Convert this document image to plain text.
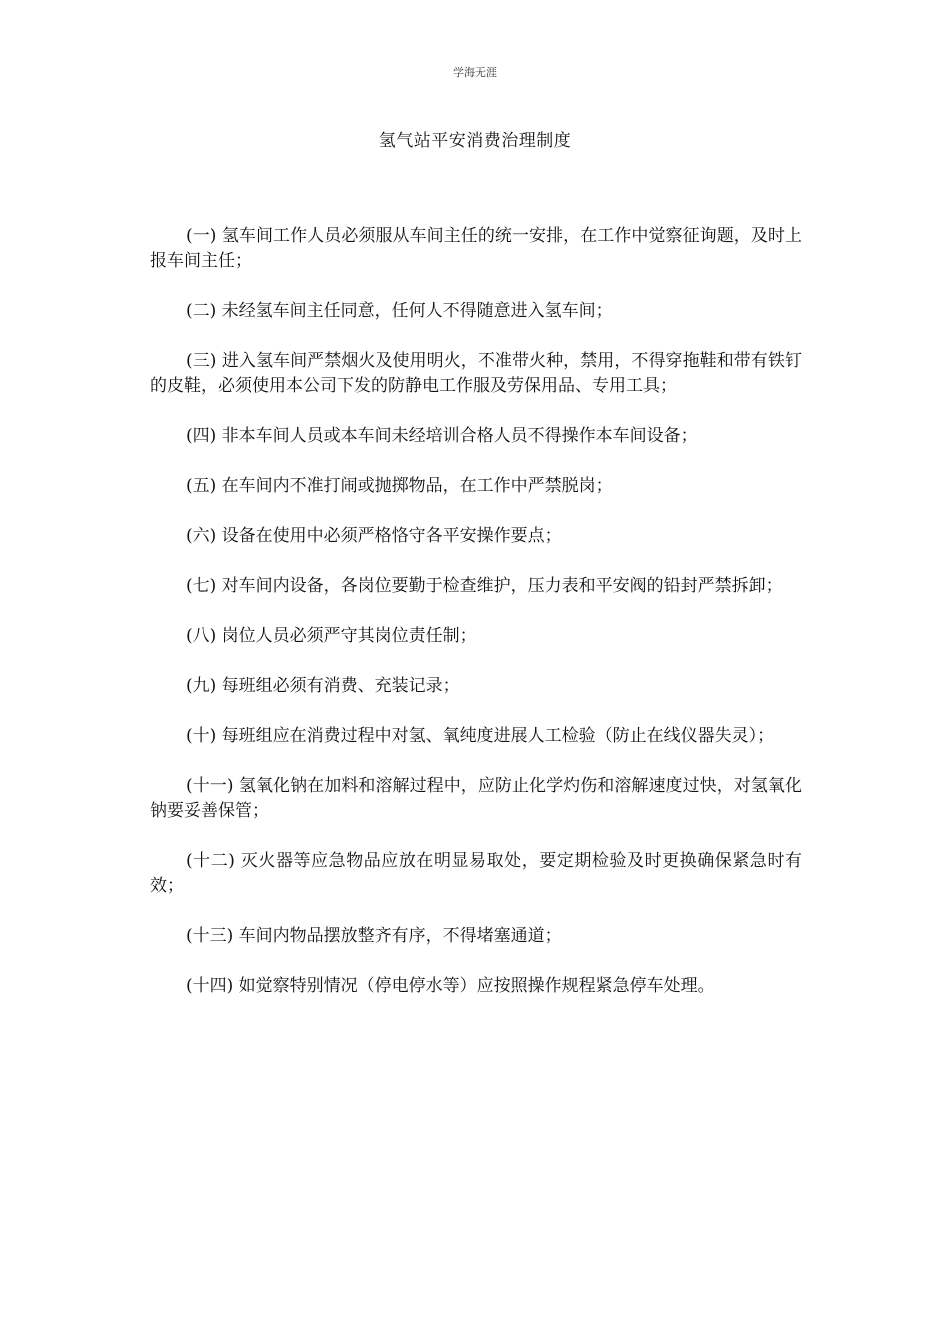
学海无涯
氢气站平安消费治理制度

(一) 氢车间工作人员必须服从车间主任的统一安排，在工作中觉察征询题，及时上报车间主任；

(二) 未经氢车间主任同意，任何人不得随意进入氢车间；

(三) 进入氢车间严禁烟火及使用明火，不准带火种，禁用，不得穿拖鞋和带有铁钉的皮鞋，必须使用本公司下发的防静电工作服及劳保用品、专用工具；

(四) 非本车间人员或本车间未经培训合格人员不得操作本车间设备；

(五) 在车间内不准打闹或抛掷物品，在工作中严禁脱岗；

(六) 设备在使用中必须严格恪守各平安操作要点；

(七) 对车间内设备，各岗位要勤于检查维护，压力表和平安阀的铅封严禁拆卸；

(八) 岗位人员必须严守其岗位责任制；

(九) 每班组必须有消费、充装记录；

(十) 每班组应在消费过程中对氢、氧纯度进展人工检验（防止在线仪器失灵）；

(十一) 氢氧化钠在加料和溶解过程中，应防止化学灼伤和溶解速度过快，对氢氧化钠要妥善保管；

(十二) 灭火器等应急物品应放在明显易取处，要定期检验及时更换确保紧急时有效；

(十三) 车间内物品摆放整齐有序，不得堵塞通道；

(十四) 如觉察特别情况（停电停水等）应按照操作规程紧急停车处理。
